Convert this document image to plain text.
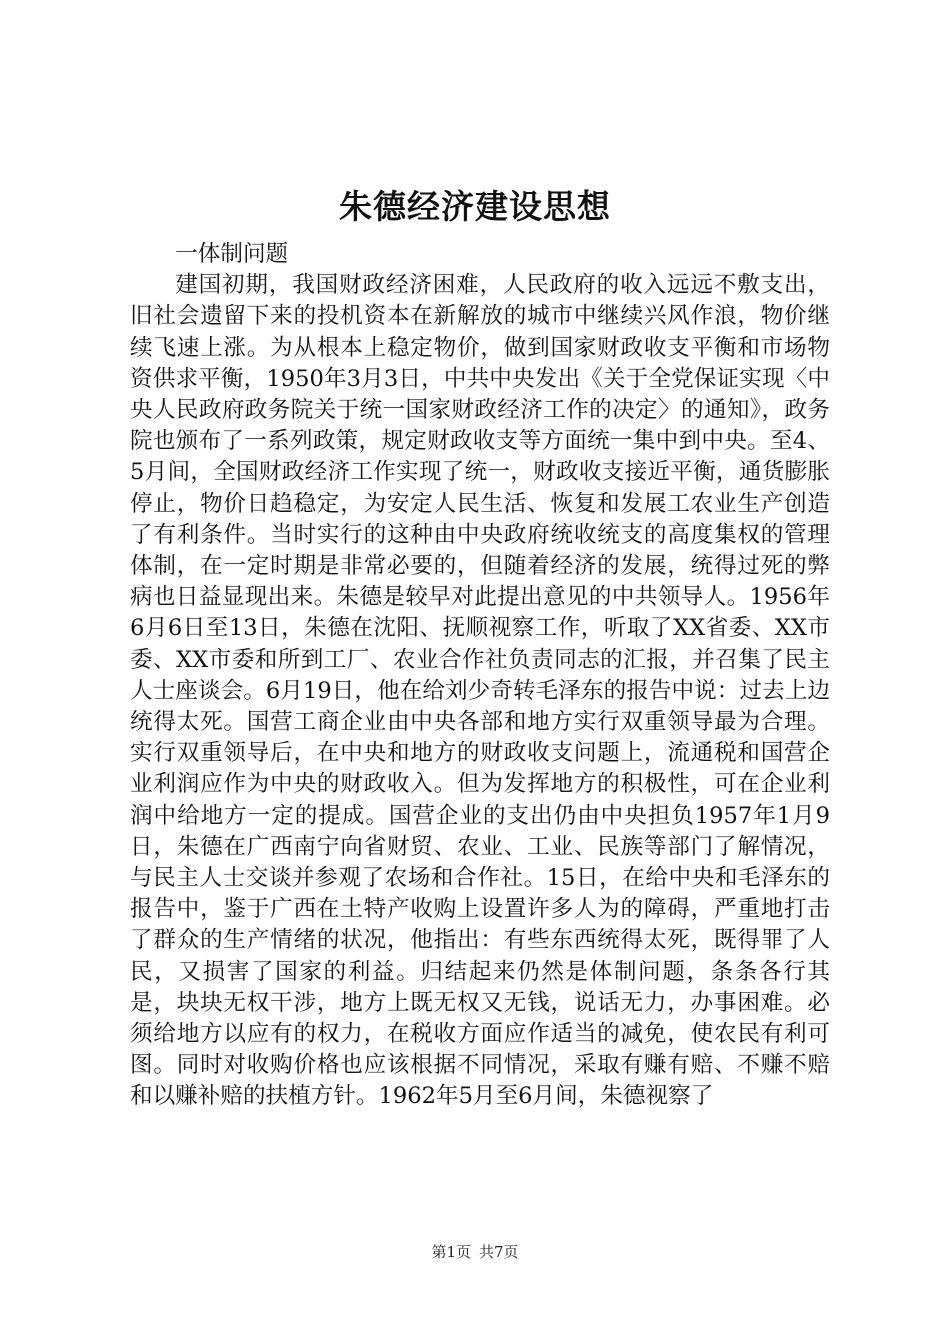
朱德经济建设思想

一体制问题

建国初期，我国财政经济困难，人民政府的收入远远不敷支出，旧社会遗留下来的投机资本在新解放的城市中继续兴风作浪，物价继续飞速上涨。为从根本上稳定物价，做到国家财政收支平衡和市场物资供求平衡，1950年3月3日，中共中央发出《关于全党保证实现〈中央人民政府政务院关于统一国家财政经济工作的决定〉的通知》，政务院也颁布了一系列政策，规定财政收支等方面统一集中到中央。至4、5月间，全国财政经济工作实现了统一，财政收支接近平衡，通货膨胀停止，物价日趋稳定，为安定人民生活、恢复和发展工农业生产创造了有利条件。当时实行的这种由中央政府统收统支的高度集权的管理体制，在一定时期是非常必要的，但随着经济的发展，统得过死的弊病也日益显现出来。朱德是较早对此提出意见的中共领导人。1956年6月6日至13日，朱德在沈阳、抚顺视察工作，听取了XX省委、XX市委、XX市委和所到工厂、农业合作社负责同志的汇报，并召集了民主人士座谈会。6月19日，他在给刘少奇转毛泽东的报告中说：过去上边统得太死。国营工商企业由中央各部和地方实行双重领导最为合理。实行双重领导后，在中央和地方的财政收支问题上，流通税和国营企业利润应作为中央的财政收入。但为发挥地方的积极性，可在企业利润中给地方一定的提成。国营企业的支出仍由中央担负1957年1月9日，朱德在广西南宁向省财贸、农业、工业、民族等部门了解情况，与民主人士交谈并参观了农场和合作社。15日，在给中央和毛泽东的报告中，鉴于广西在土特产收购上设置许多人为的障碍，严重地打击了群众的生产情绪的状况，他指出：有些东西统得太死，既得罪了人民，又损害了国家的利益。归结起来仍然是体制问题，条条各行其是，块块无权干涉，地方上既无权又无钱，说话无力，办事困难。必须给地方以应有的权力，在税收方面应作适当的减免，使农民有利可图。同时对收购价格也应该根据不同情况，采取有赚有赔、不赚不赔和以赚补赔的扶植方针。1962年5月至6月间，朱德视察了

第1页 共7页
